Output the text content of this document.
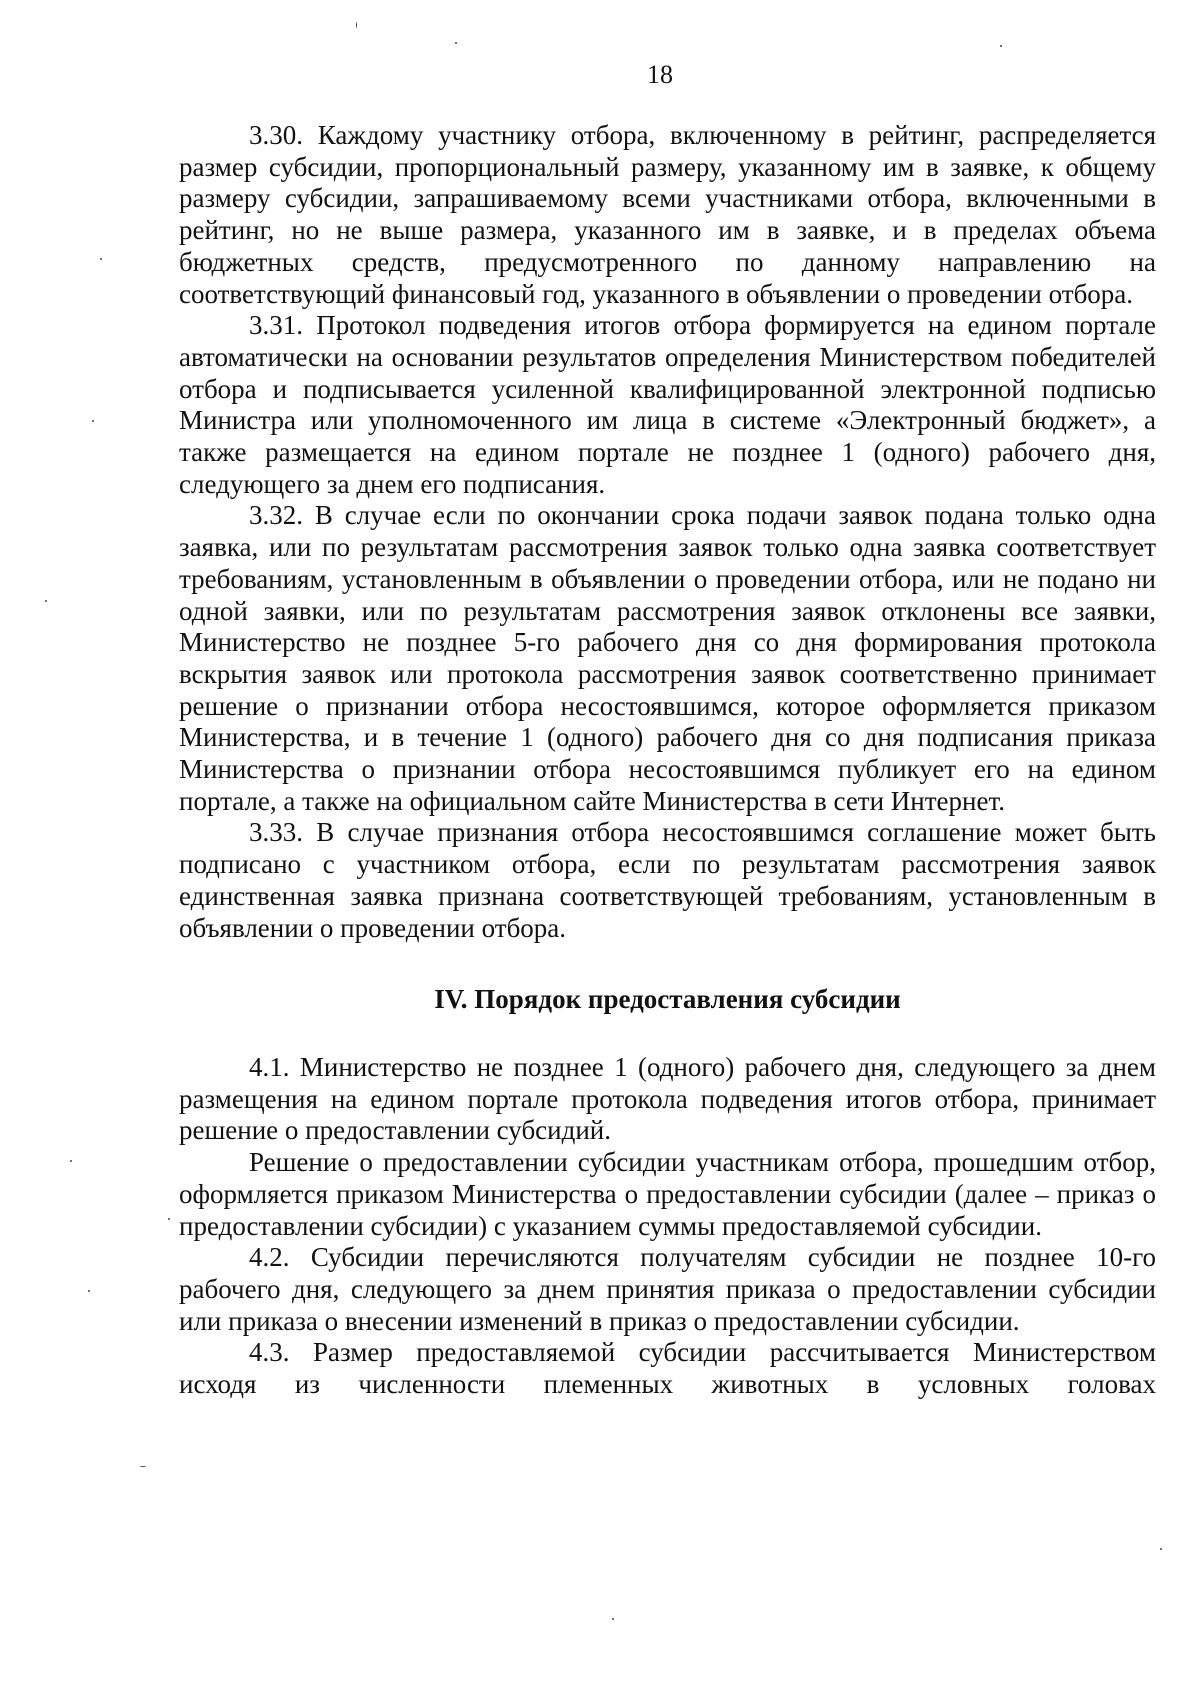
18

3.30. Каждому участнику отбора, включенному в рейтинг, распределяется размер субсидии, пропорциональный размеру, указанному им в заявке, к общему размеру субсидии, запрашиваемому всеми участниками отбора, включенными в рейтинг, но не выше размера, указанного им в заявке, и в пределах объема бюджетных средств, предусмотренного по данному направлению на соответствующий финансовый год, указанного в объявлении о проведении отбора.

3.31. Протокол подведения итогов отбора формируется на едином портале автоматически на основании результатов определения Министерством победителей отбора и подписывается усиленной квалифицированной электронной подписью Министра или уполномоченного им лица в системе «Электронный бюджет», а также размещается на едином портале не позднее 1 (одного) рабочего дня, следующего за днем его подписания.

3.32. В случае если по окончании срока подачи заявок подана только одна заявка, или по результатам рассмотрения заявок только одна заявка соответствует требованиям, установленным в объявлении о проведении отбора, или не подано ни одной заявки, или по результатам рассмотрения заявок отклонены все заявки, Министерство не позднее 5-го рабочего дня со дня формирования протокола вскрытия заявок или протокола рассмотрения заявок соответственно принимает решение о признании отбора несостоявшимся, которое оформляется приказом Министерства, и в течение 1 (одного) рабочего дня со дня подписания приказа Министерства о признании отбора несостоявшимся публикует его на едином портале, а также на официальном сайте Министерства в сети Интернет.

3.33. В случае признания отбора несостоявшимся соглашение может быть подписано с участником отбора, если по результатам рассмотрения заявок единственная заявка признана соответствующей требованиям, установленным в объявлении о проведении отбора.

IV. Порядок предоставления субсидии

4.1. Министерство не позднее 1 (одного) рабочего дня, следующего за днем размещения на едином портале протокола подведения итогов отбора, принимает решение о предоставлении субсидий.

Решение о предоставлении субсидии участникам отбора, прошедшим отбор, оформляется приказом Министерства о предоставлении субсидии (далее – приказ о предоставлении субсидии) с указанием суммы предоставляемой субсидии.

4.2. Субсидии перечисляются получателям субсидии не позднее 10-го рабочего дня, следующего за днем принятия приказа о предоставлении субсидии или приказа о внесении изменений в приказ о предоставлении субсидии.

4.3. Размер предоставляемой субсидии рассчитывается Министерством исходя из численности племенных животных в условных головах
